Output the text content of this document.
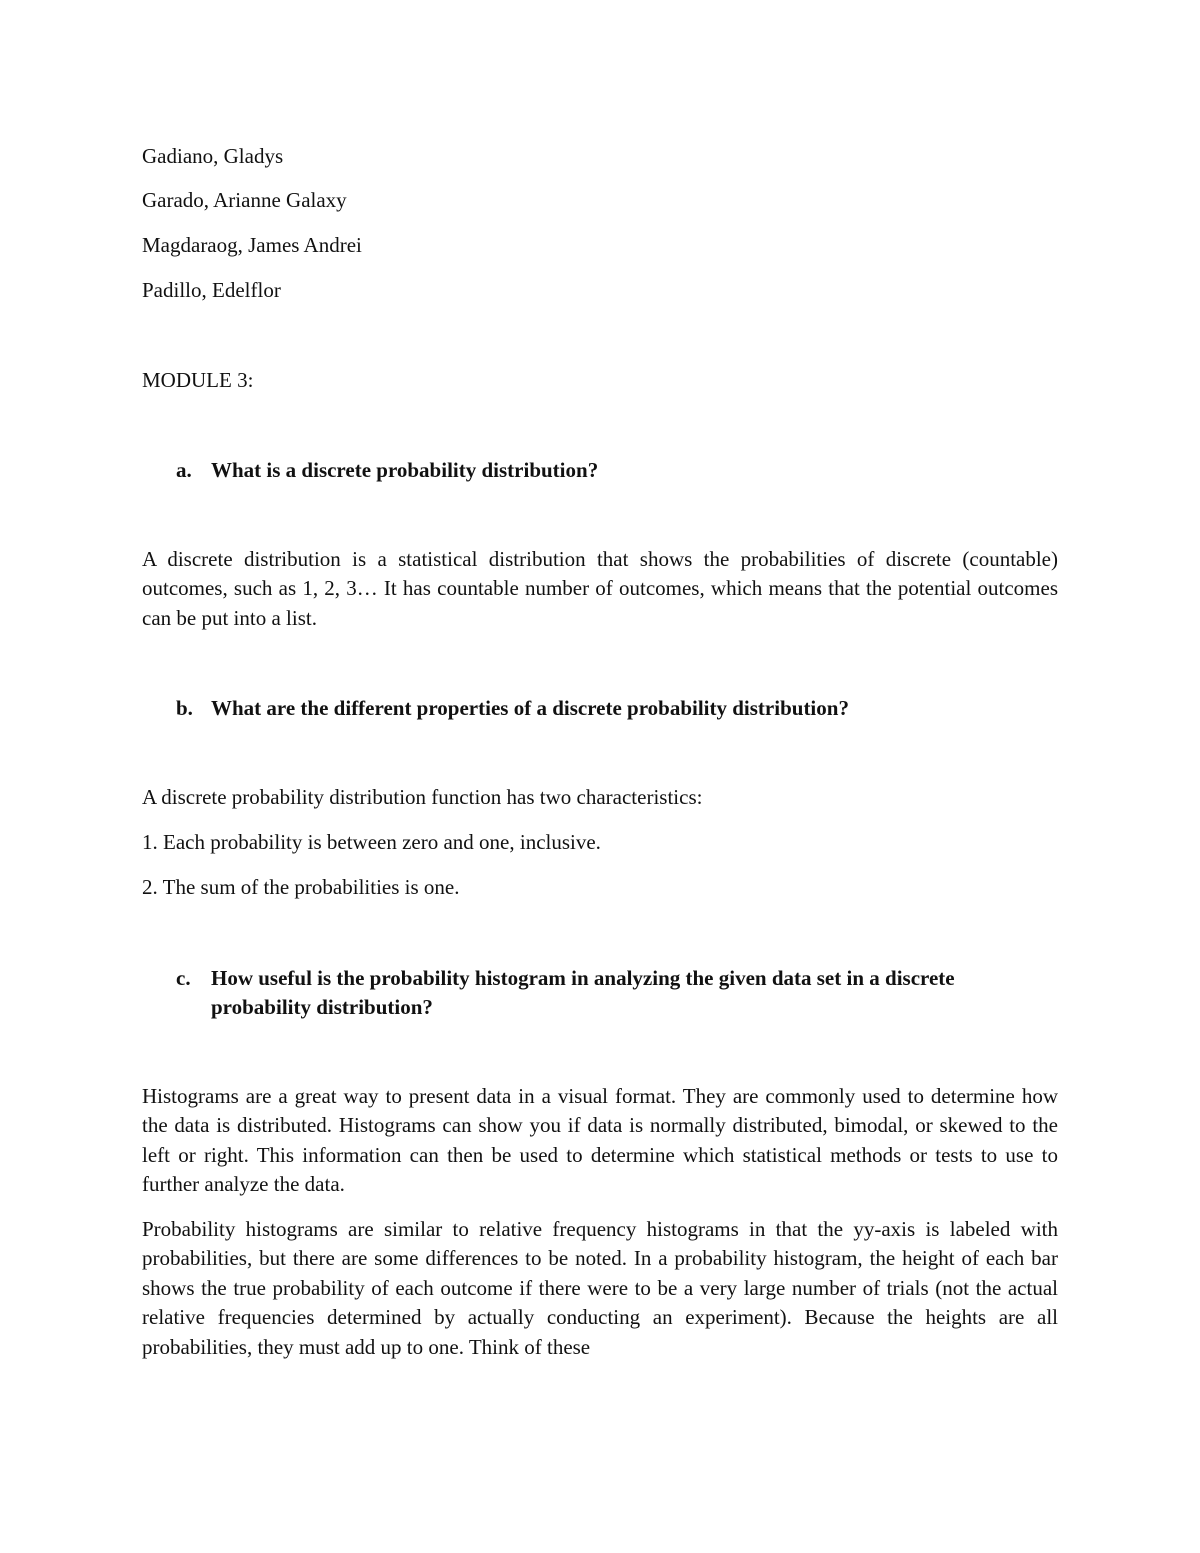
Gadiano, Gladys
Garado, Arianne Galaxy
Magdaraog, James Andrei
Padillo, Edelflor
MODULE 3:
a. What is a discrete probability distribution?
A discrete distribution is a statistical distribution that shows the probabilities of discrete (countable) outcomes, such as 1, 2, 3… It has countable number of outcomes, which means that the potential outcomes can be put into a list.
b. What are the different properties of a discrete probability distribution?
A discrete probability distribution function has two characteristics:
1. Each probability is between zero and one, inclusive.
2. The sum of the probabilities is one.
c. How useful is the probability histogram in analyzing the given data set in a discrete probability distribution?
Histograms are a great way to present data in a visual format. They are commonly used to determine how the data is distributed. Histograms can show you if data is normally distributed, bimodal, or skewed to the left or right. This information can then be used to determine which statistical methods or tests to use to further analyze the data.
Probability histograms are similar to relative frequency histograms in that the yy-axis is labeled with probabilities, but there are some differences to be noted. In a probability histogram, the height of each bar shows the true probability of each outcome if there were to be a very large number of trials (not the actual relative frequencies determined by actually conducting an experiment). Because the heights are all probabilities, they must add up to one. Think of these
